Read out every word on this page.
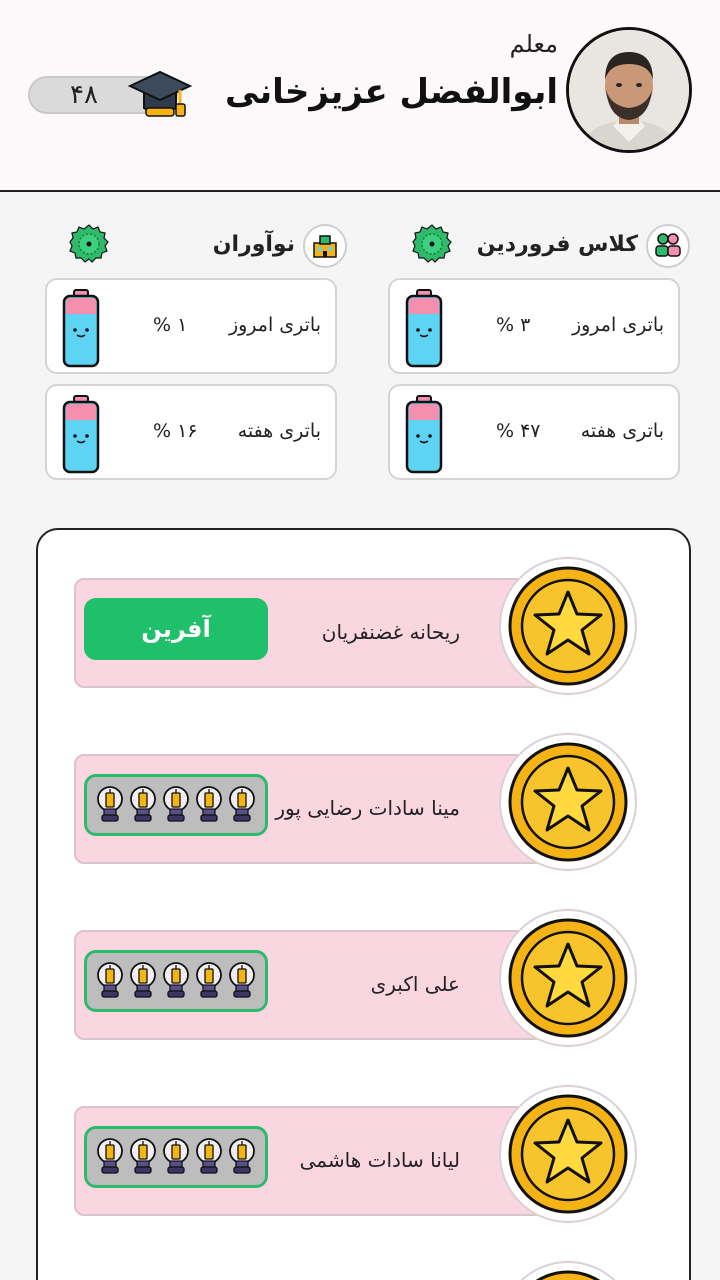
معلم
ابوالفضل عزیزخانی
۴۸
کلاس فروردین
باتری امروز
۳ %
باتری هفته
۴۷ %
نوآوران
باتری امروز
۱ %
باتری هفته
۱۶ %
ریحانه غضنفریان
آفرین
مینا سادات رضایی پور
علی اکبری
لیانا سادات هاشمی
